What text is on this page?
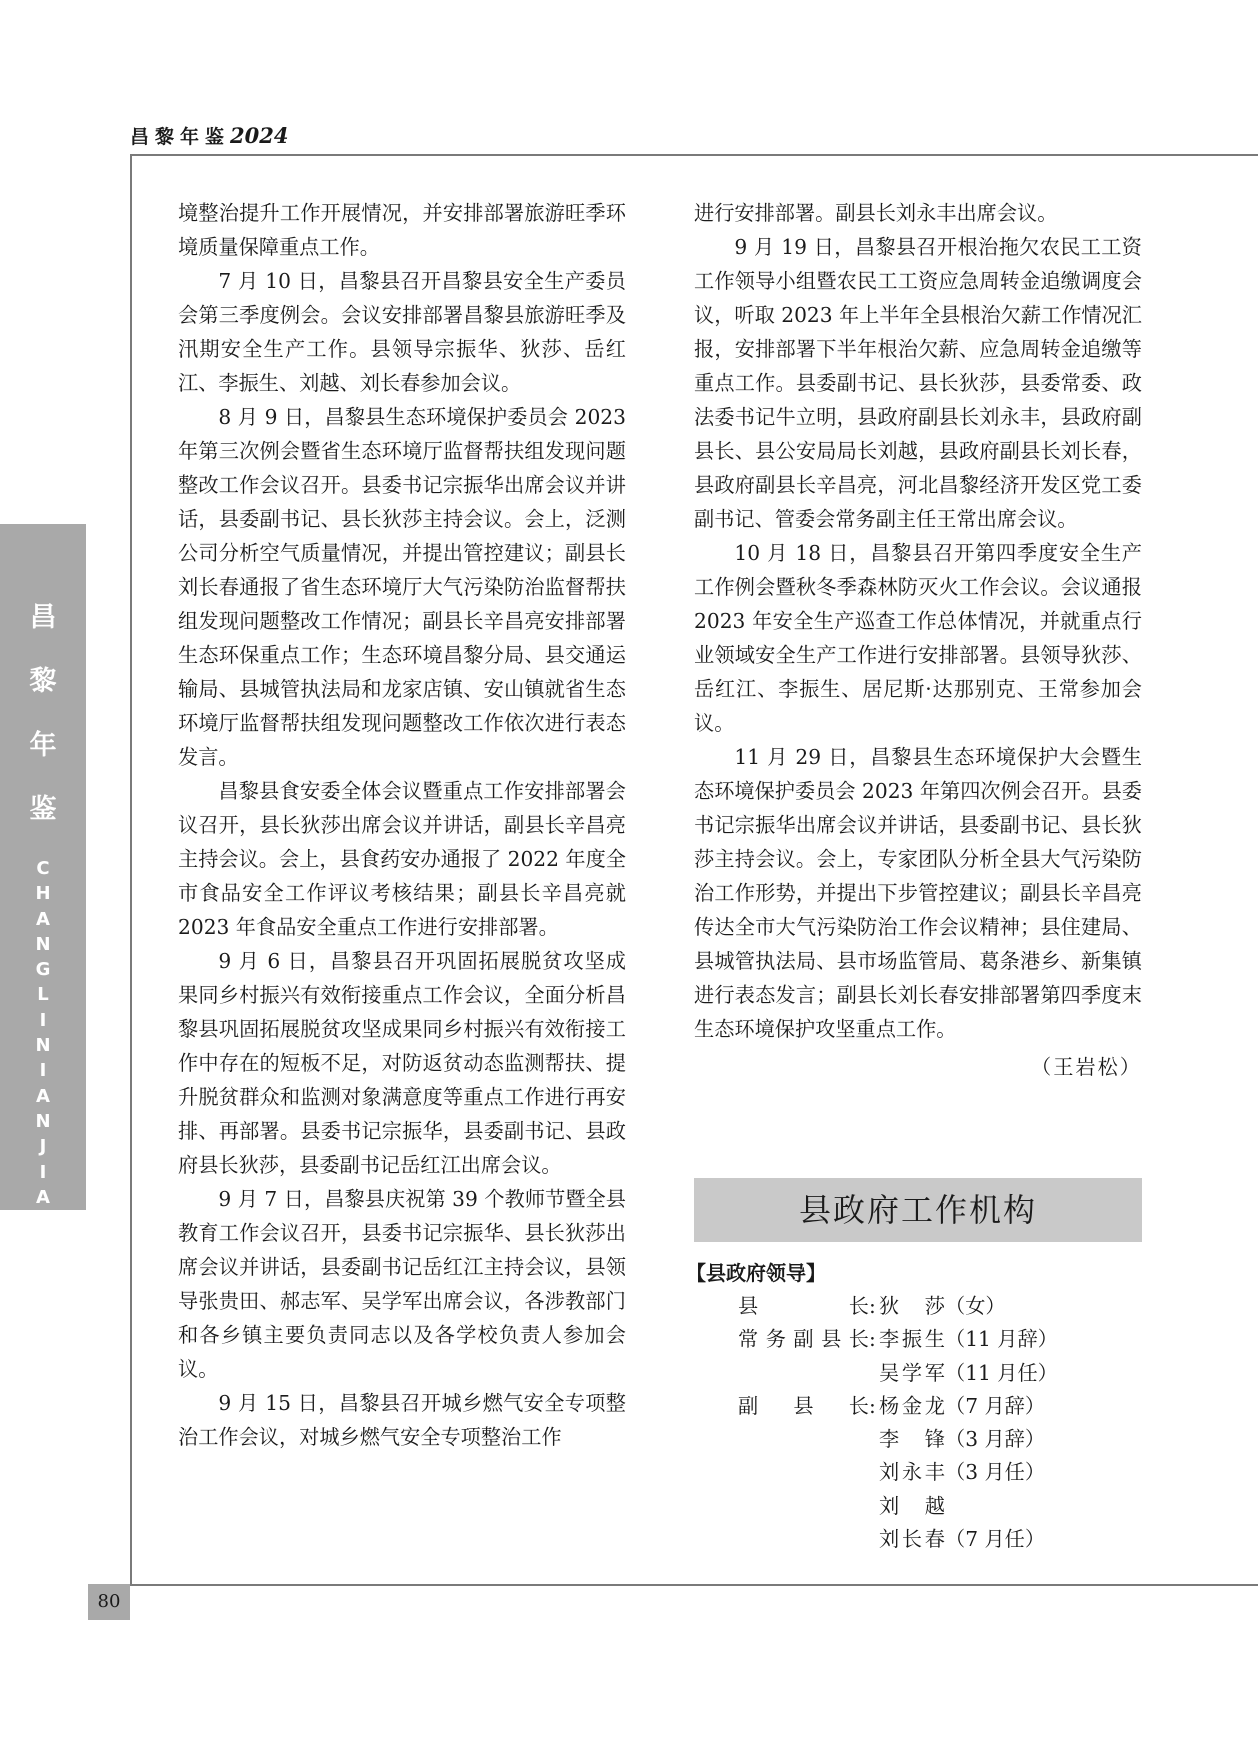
昌黎年鉴2024
昌
黎
年
鉴
C
H
A
N
G
L
I
N
I
A
N
J
I
A
N
80

境整治提升工作开展情况，并安排部署旅游旺季环境质量保障重点工作。

7 月 10 日，昌黎县召开昌黎县安全生产委员会第三季度例会。会议安排部署昌黎县旅游旺季及汛期安全生产工作。县领导宗振华、狄莎、岳红江、李振生、刘越、刘长春参加会议。

8 月 9 日，昌黎县生态环境保护委员会 2023 年第三次例会暨省生态环境厅监督帮扶组发现问题整改工作会议召开。县委书记宗振华出席会议并讲话，县委副书记、县长狄莎主持会议。会上，泛测公司分析空气质量情况，并提出管控建议；副县长刘长春通报了省生态环境厅大气污染防治监督帮扶组发现问题整改工作情况；副县长辛昌亮安排部署生态环保重点工作；生态环境昌黎分局、县交通运输局、县城管执法局和龙家店镇、安山镇就省生态环境厅监督帮扶组发现问题整改工作依次进行表态发言。

昌黎县食安委全体会议暨重点工作安排部署会议召开，县长狄莎出席会议并讲话，副县长辛昌亮主持会议。会上，县食药安办通报了 2022 年度全市食品安全工作评议考核结果；副县长辛昌亮就 2023 年食品安全重点工作进行安排部署。

9 月 6 日，昌黎县召开巩固拓展脱贫攻坚成果同乡村振兴有效衔接重点工作会议，全面分析昌黎县巩固拓展脱贫攻坚成果同乡村振兴有效衔接工作中存在的短板不足，对防返贫动态监测帮扶、提升脱贫群众和监测对象满意度等重点工作进行再安排、再部署。县委书记宗振华，县委副书记、县政府县长狄莎，县委副书记岳红江出席会议。

9 月 7 日，昌黎县庆祝第 39 个教师节暨全县教育工作会议召开，县委书记宗振华、县长狄莎出席会议并讲话，县委副书记岳红江主持会议，县领导张贵田、郝志军、吴学军出席会议，各涉教部门和各乡镇主要负责同志以及各学校负责人参加会议。

9 月 15 日，昌黎县召开城乡燃气安全专项整治工作会议，对城乡燃气安全专项整治工作

进行安排部署。副县长刘永丰出席会议。

9 月 19 日，昌黎县召开根治拖欠农民工工资工作领导小组暨农民工工资应急周转金追缴调度会议，听取 2023 年上半年全县根治欠薪工作情况汇报，安排部署下半年根治欠薪、应急周转金追缴等重点工作。县委副书记、县长狄莎，县委常委、政法委书记牛立明，县政府副县长刘永丰，县政府副县长、县公安局局长刘越，县政府副县长刘长春，县政府副县长辛昌亮，河北昌黎经济开发区党工委副书记、管委会常务副主任王常出席会议。

10 月 18 日，昌黎县召开第四季度安全生产工作例会暨秋冬季森林防灭火工作会议。会议通报 2023 年安全生产巡查工作总体情况，并就重点行业领域安全生产工作进行安排部署。县领导狄莎、岳红江、李振生、居尼斯·达那别克、王常参加会议。

11 月 29 日，昌黎县生态环境保护大会暨生态环境保护委员会 2023 年第四次例会召开。县委书记宗振华出席会议并讲话，县委副书记、县长狄莎主持会议。会上，专家团队分析全县大气污染防治工作形势，并提出下步管控建议；副县长辛昌亮传达全市大气污染防治工作会议精神；县住建局、县城管执法局、县市场监管局、葛条港乡、新集镇进行表态发言；副县长刘长春安排部署第四季度末生态环境保护攻坚重点工作。

（王岩松）

县政府工作机构
【县政府领导】
县长 : 狄莎（女）
常务副县长 : 李振生（11 月辞）
吴学军（11 月任）
副县长 : 杨金龙（7 月辞）
李锋（3 月辞）
刘永丰（3 月任）
刘越
刘长春（7 月任）
